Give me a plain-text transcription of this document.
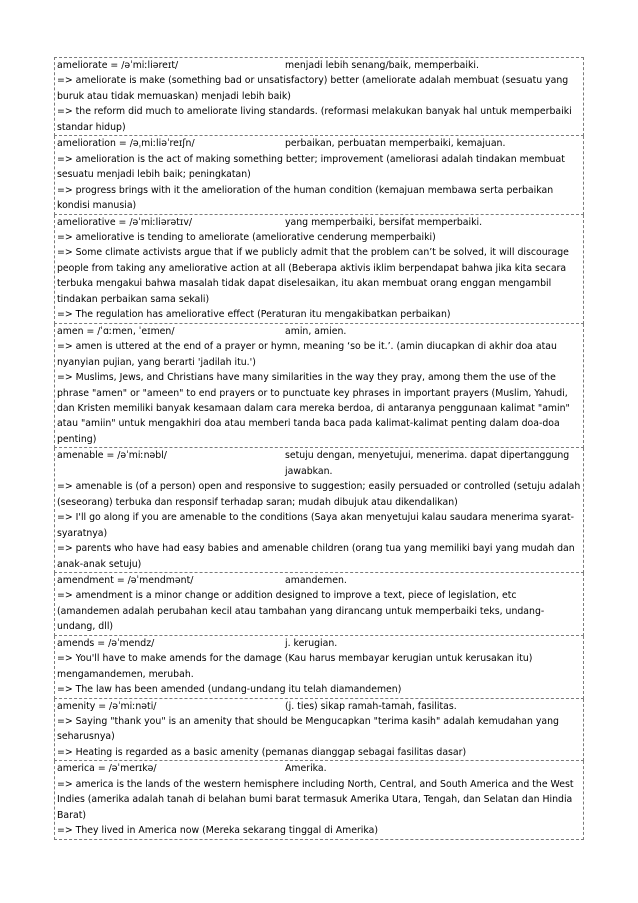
ameliorate = /əˈmiːliəreɪt/	menjadi lebih senang/baik, memperbaiki.
=> ameliorate is make (something bad or unsatisfactory) better (ameliorate adalah membuat (sesuatu yang buruk atau tidak memuaskan) menjadi lebih baik)
=> the reform did much to ameliorate living standards. (reformasi melakukan banyak hal untuk memperbaiki standar hidup)
amelioration = /əˌmiːliəˈreɪʃn/	perbaikan, perbuatan memperbaiki, kemajuan.
=> amelioration is the act of making something better; improvement (ameliorasi adalah tindakan membuat sesuatu menjadi lebih baik; peningkatan)
=> progress brings with it the amelioration of the human condition (kemajuan membawa serta perbaikan kondisi manusia)
ameliorative = /əˈmiːliərətɪv/	yang memperbaiki, bersifat memperbaiki.
=> ameliorative is tending to ameliorate (ameliorative cenderung memperbaiki)
=> Some climate activists argue that if we publicly admit that the problem can’t be solved, it will discourage people from taking any ameliorative action at all (Beberapa aktivis iklim berpendapat bahwa jika kita secara terbuka mengakui bahwa masalah tidak dapat diselesaikan, itu akan membuat orang enggan mengambil tindakan perbaikan sama sekali)
=> The regulation has ameliorative effect (Peraturan itu mengakibatkan perbaikan)
amen = /ˈɑːmen, ˈeɪmen/	amin, amien.
=> amen is uttered at the end of a prayer or hymn, meaning ‘so be it.’. (amin diucapkan di akhir doa atau nyanyian pujian, yang berarti 'jadilah itu.')
=> Muslims, Jews, and Christians have many similarities in the way they pray, among them the use of the phrase "amen" or "ameen" to end prayers or to punctuate key phrases in important prayers (Muslim, Yahudi, dan Kristen memiliki banyak kesamaan dalam cara mereka berdoa, di antaranya penggunaan kalimat "amin" atau "amiin" untuk mengakhiri doa atau memberi tanda baca pada kalimat-kalimat penting dalam doa-doa penting)
amenable = /əˈmiːnəbl/	setuju dengan, menyetujui, menerima. dapat dipertanggung jawabkan.
=> amenable is (of a person) open and responsive to suggestion; easily persuaded or controlled (setuju adalah (seseorang) terbuka dan responsif terhadap saran; mudah dibujuk atau dikendalikan)
=> I'll go along if you are amenable to the conditions (Saya akan menyetujui kalau saudara menerima syarat-syaratnya)
=> parents who have had easy babies and amenable children (orang tua yang memiliki bayi yang mudah dan anak-anak setuju)
amendment = /əˈmendmənt/	amandemen.
=> amendment is a minor change or addition designed to improve a text, piece of legislation, etc (amandemen adalah perubahan kecil atau tambahan yang dirancang untuk memperbaiki teks, undang-undang, dll)
amends = /əˈmendz/	j. kerugian.
=> You'll have to make amends for the damage (Kau harus membayar kerugian untuk kerusakan itu) mengamandemen, merubah.
=> The law has been amended (undang-undang itu telah diamandemen)
amenity = /əˈmiːnəti/	(j. ties) sikap ramah-tamah, fasilitas.
=> Saying "thank you" is an amenity that should be Mengucapkan "terima kasih" adalah kemudahan yang seharusnya)
=> Heating is regarded as a basic amenity (pemanas dianggap sebagai fasilitas dasar)
america = /əˈmerɪkə/	Amerika.
=> america is the lands of the western hemisphere including North, Central, and South America and the West Indies (amerika adalah tanah di belahan bumi barat termasuk Amerika Utara, Tengah, dan Selatan dan Hindia Barat)
=> They lived in America now (Mereka sekarang tinggal di Amerika)
